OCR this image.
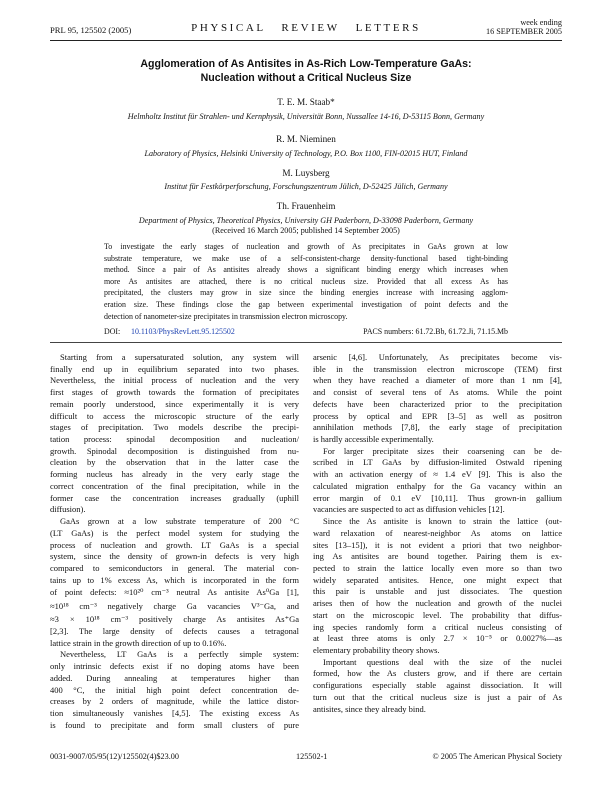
PRL 95, 125502 (2005)	PHYSICAL   REVIEW   LETTERS	week ending
16 SEPTEMBER 2005
Agglomeration of As Antisites in As-Rich Low-Temperature GaAs:
Nucleation without a Critical Nucleus Size
T. E. M. Staab*
Helmholtz Institut für Strahlen- und Kernphysik, Universität Bonn, Nussallee 14-16, D-53115 Bonn, Germany
R. M. Nieminen
Laboratory of Physics, Helsinki University of Technology, P.O. Box 1100, FIN-02015 HUT, Finland
M. Luysberg
Institut für Festkörperforschung, Forschungszentrum Jülich, D-52425 Jülich, Germany
Th. Frauenheim
Department of Physics, Theoretical Physics, University GH Paderborn, D-33098 Paderborn, Germany
(Received 16 March 2005; published 14 September 2005)
To investigate the early stages of nucleation and growth of As precipitates in GaAs grown at low
substrate temperature, we make use of a self-consistent-charge density-functional based tight-binding
method. Since a pair of As antisites already shows a significant binding energy which increases when
more As antisites are attached, there is no critical nucleus size. Provided that all excess As has
precipitated, the clusters may grow in size since the binding energies increase with increasing agglom-
eration size. These findings close the gap between experimental investigation of point defects and the
detection of nanometer-size precipitates in transmission electron microscopy.
DOI: 10.1103/PhysRevLett.95.125502	PACS numbers: 61.72.Bb, 61.72.Ji, 71.15.Mb
Starting from a supersaturated solution, any system will
finally end up in equilibrium separated into two phases.
Nevertheless, the initial process of nucleation and the very
first stages of growth towards the formation of precipitates
remain poorly understood, since experimentally it is very
difficult to access the microscopic structure of the early
stages of precipitation. Two models describe the precipi-
tation process: spinodal decomposition and nucleation/
growth. Spinodal decomposition is distinguished from nu-
cleation by the observation that in the latter case the
forming nucleus has already in the very early stage the
correct concentration of the final precipitation, while in the
former case the concentration increases gradually (uphill
diffusion).
GaAs grown at a low substrate temperature of 200 °C
(LT GaAs) is the perfect model system for studying the
process of nucleation and growth. LT GaAs is a special
system, since the density of grown-in defects is very high
compared to semiconductors in general. The material con-
tains up to 1% excess As, which is incorporated in the form
of point defects: ≈10²⁰ cm⁻³ neutral As antisite As⁰Ga [1],
≈10¹⁸ cm⁻³ negatively charge Ga vacancies V³⁻Ga, and
≈3 × 10¹⁸ cm⁻³ positively charge As antisites As⁺Ga
[2,3]. The large density of defects causes a tetragonal
lattice strain in the growth direction of up to 0.16%.
Nevertheless, LT GaAs is a perfectly simple system:
only intrinsic defects exist if no doping atoms have been
added. During annealing at temperatures higher than
400 °C, the initial high point defect concentration de-
creases by 2 orders of magnitude, while the lattice distor-
tion simultaneously vanishes [4,5]. The existing excess As
is found to precipitate and form small clusters of pure
arsenic [4,6]. Unfortunately, As precipitates become vis-
ible in the transmission electron microscope (TEM) first
when they have reached a diameter of more than 1 nm [4],
and consist of several tens of As atoms. While the point
defects have been characterized prior to the precipitation
process by optical and EPR [3–5] as well as positron
annihilation methods [7,8], the early stage of precipitation
is hardly accessible experimentally.
For larger precipitate sizes their coarsening can be de-
scribed in LT GaAs by diffusion-limited Ostwald ripening
with an activation energy of ≈ 1.4 eV [9]. This is also the
calculated migration enthalpy for the Ga vacancy within an
error margin of 0.1 eV [10,11]. Thus grown-in gallium
vacancies are suspected to act as diffusion vehicles [12].
Since the As antisite is known to strain the lattice (out-
ward relaxation of nearest-neighbor As atoms on lattice
sites [13–15]), it is not evident a priori that two neighbor-
ing As antisites are bound together. Pairing them is ex-
pected to strain the lattice locally even more so than two
widely separated antisites. Hence, one might expect that
this pair is unstable and just dissociates. The question
arises then of how the nucleation and growth of the nuclei
start on the microscopic level. The probability that diffus-
ing species randomly form a critical nucleus consisting of
at least three atoms is only 2.7 × 10⁻⁵ or 0.0027%—as
elementary probability theory shows.
Important questions deal with the size of the nuclei
formed, how the As clusters grow, and if there are certain
configurations especially stable against dissociation. It will
turn out that the critical nucleus size is just a pair of As
antisites, since they already bind.
0031-9007/05/95(12)/125502(4)$23.00	125502-1	© 2005 The American Physical Society
